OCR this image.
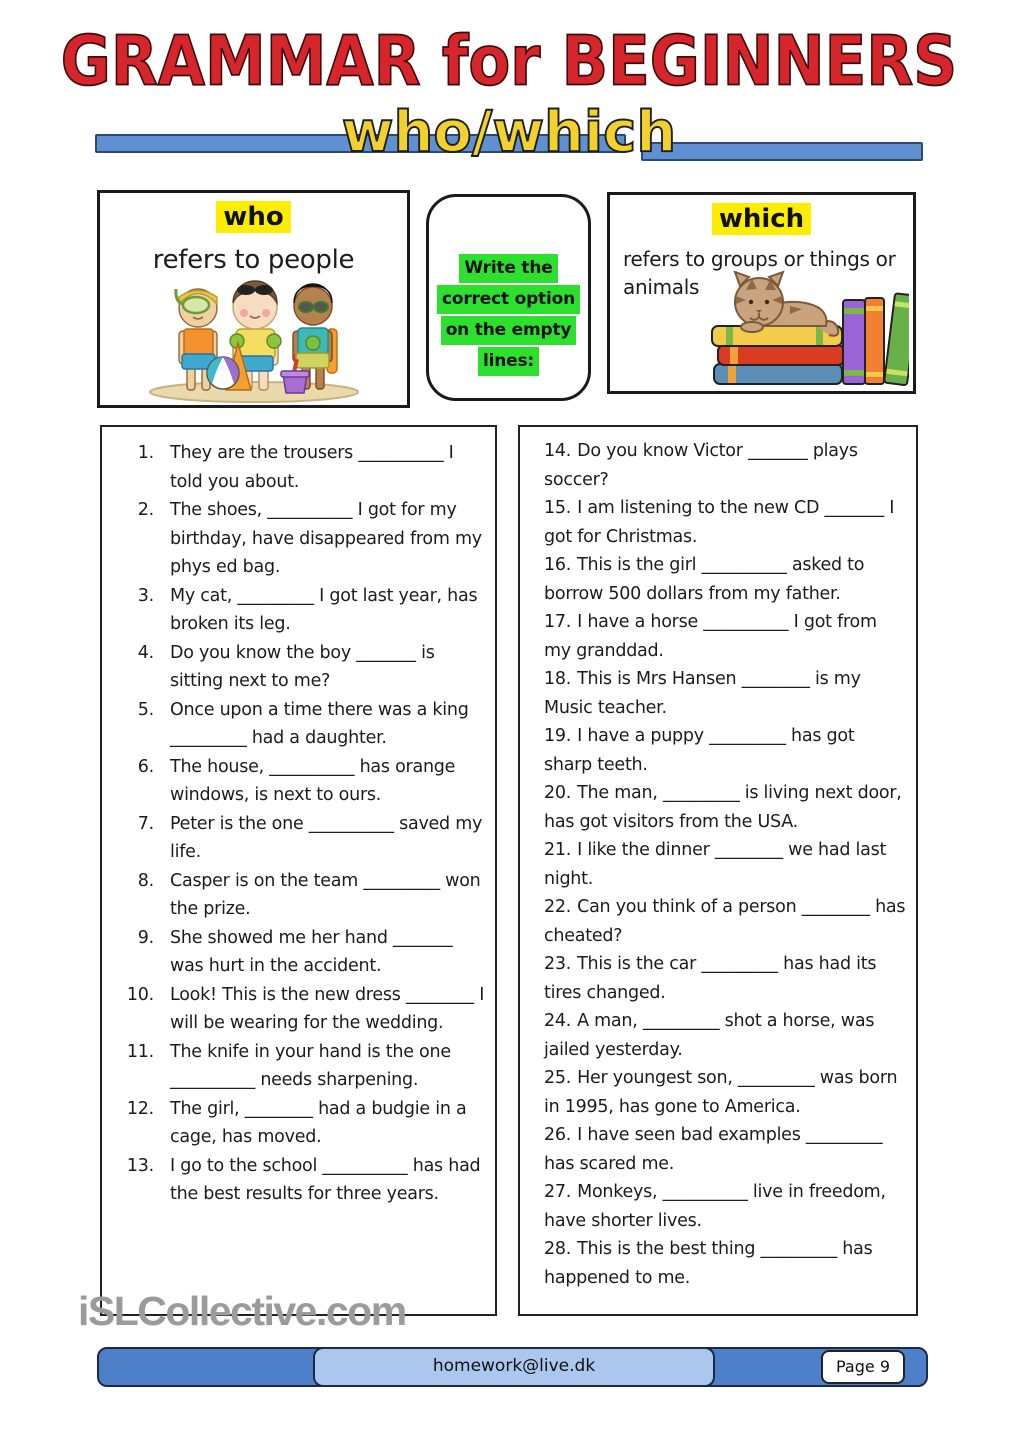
GRAMMAR for BEGINNERS
who/which
who
refers to people	Write the
correct option
on the empty
lines:
which
refers to groups or things or animals
1. They are the trousers __________ I told you about.
2. The shoes, __________ I got for my birthday, have disappeared from my phys ed bag.
3. My cat, _________ I got last year, has broken its leg.
4. Do you know the boy _______ is sitting next to me?
5. Once upon a time there was a king _________ had a daughter.
6. The house, __________ has orange windows, is next to ours.
7. Peter is the one __________ saved my life.
8. Casper is on the team _________ won the prize.
9. She showed me her hand _______ was hurt in the accident.
10. Look! This is the new dress ________ I will be wearing for the wedding.
11. The knife in your hand is the one __________ needs sharpening.
12. The girl, ________ had a budgie in a cage, has moved.
13. I go to the school __________ has had the best results for three years.
14. Do you know Victor _______ plays soccer?
15. I am listening to the new CD _______ I got for Christmas.
16. This is the girl __________ asked to borrow 500 dollars from my father.
17. I have a horse __________ I got from my granddad.
18. This is Mrs Hansen ________ is my Music teacher.
19. I have a puppy _________ has got sharp teeth.
20. The man, _________ is living next door, has got visitors from the USA.
21. I like the dinner ________ we had last night.
22. Can you think of a person ________ has cheated?
23. This is the car _________ has had its tires changed.
24. A man, _________ shot a horse, was jailed yesterday.
25. Her youngest son, _________ was born in 1995, has gone to America.
26. I have seen bad examples _________ has scared me.
27. Monkeys, __________ live in freedom, have shorter lives.
28. This is the best thing _________ has happened to me.
iSLCollective.com
homework@live.dk	Page 9
